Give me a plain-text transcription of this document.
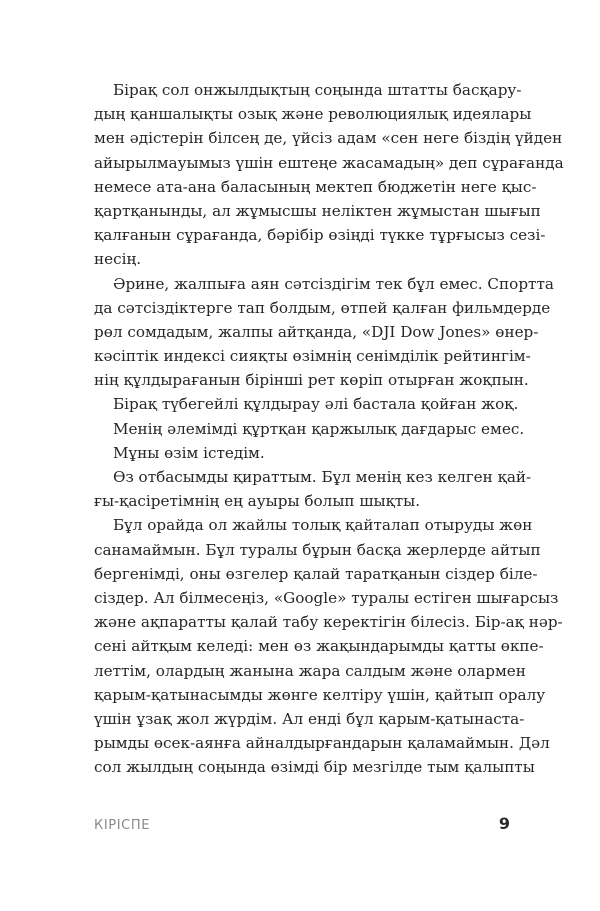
Бірақ сол онжылдықтың соңында штатты басқару-
дың қаншалықты озық және революциялық идеялары
мен әдістерін білсең де, үйсіз адам «сен неге біздің үйден
айырылмауымыз үшін ештеңе жасамадың» деп сұрағанда
немесе ата-ана баласының мектеп бюджетін неге қыс-
қартқанынды, ал жұмысшы неліктен жұмыстан шығып
қалғанын сұрағанда, бәрібір өзіңді түкке тұрғысыз сезі-
несің.
Әрине, жалпыға аян сәтсіздігім тек бұл емес. Спортта
да сәтсіздіктерге тап болдым, өтпей қалған фильмдерде
рөл сомдадым, жалпы айтқанда, «DJI Dow Jones» өнер-
кәсіптік индексі сияқты өзімнің сенімділік рейтингім-
нің құлдырағанын бірінші рет көріп отырған жоқпын.
Бірақ түбегейлі құлдырау әлі басталa қойған жоқ.
Менің әлемімді құртқан қаржылық дағдарыс емес.
Мұны өзім істедім.
Өз отбасымды қираттым. Бұл менің кез келген қай-
ғы-қасіретімнің ең ауыры болып шықты.
Бұл орайда ол жайлы толық қайталап отыруды жөн
санамаймын. Бұл туралы бұрын басқа жерлерде айтып
бергенімді, оны өзгелер қалай таратқанын сіздер біле-
сіздер. Ал білмесеңіз, «Google» туралы естіген шығарсыз
және ақпаратты қалай табу керектігін білесіз. Бір-ақ нәр-
сені айтқым келеді: мен өз жақындарымды қатты өкпе-
леттім, олардың жанына жара салдым және олармен
қарым-қатынасымды жөнге келтіру үшін, қайтып оралу
үшін ұзақ жол жүрдім. Ал енді бұл қарым-қатынаста-
рымды өсек-аянға айналдырғандарын қаламаймын. Дәл
сол жылдың соңында өзімді бір мезгілде тым қалыпты
КІРІСПЕ	9
